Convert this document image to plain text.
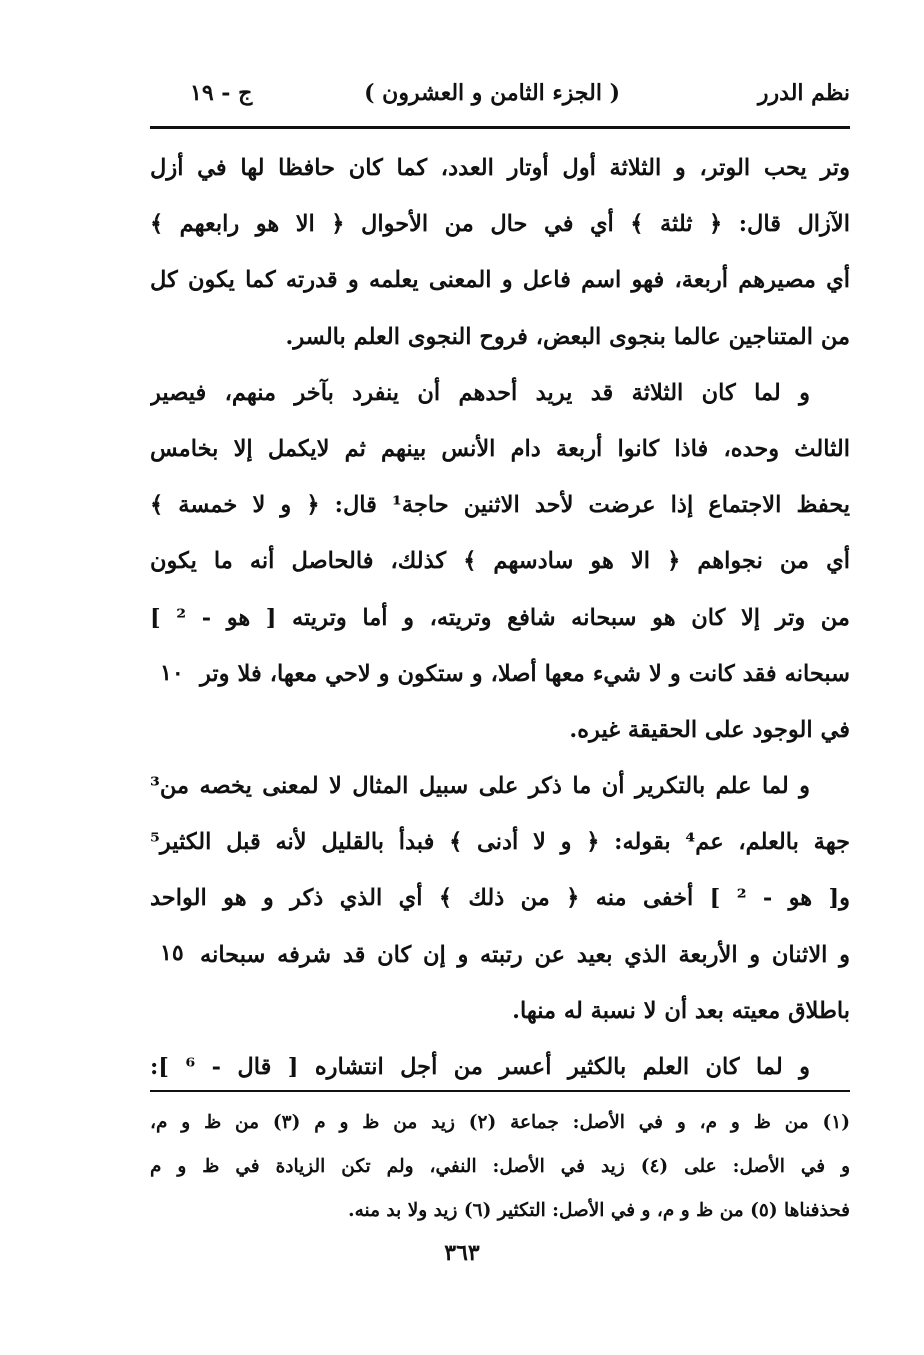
نظم الدرر
( الجزء الثامن و العشرون )
ج - ١٩
وتر يحب الوتر، و الثلاثة أول أوتار العدد، كما كان حافظا لها في أزل
الآزال قال: ﴿ ثلثة ﴾ أي في حال من الأحوال ﴿ الا هو رابعهم ﴾
أي مصيرهم أربعة، فهو اسم فاعل و المعنى يعلمه و قدرته كما يكون كل
من المتناجين عالما بنجوى البعض، فروح النجوى العلم بالسر.
و لما كان الثلاثة قد يريد أحدهم أن ينفرد بآخر منهم، فيصير
الثالث وحده، فاذا كانوا أربعة دام الأنس بينهم ثم لايكمل إلا بخامس
يحفظ الاجتماع إذا عرضت لأحد الاثنين حاجة¹ قال: ﴿ و لا خمسة ﴾
أي من نجواهم ﴿ الا هو سادسهم ﴾ كذلك، فالحاصل أنه ما يكون
من وتر إلا كان هو سبحانه شافع وتريته، و أما وتريته [ هو - ² ]
سبحانه فقد كانت و لا شيء معها أصلا، و ستكون و لاحي معها، فلا وتر
في الوجود على الحقيقة غيره.
و لما علم بالتكرير أن ما ذكر على سبيل المثال لا لمعنى يخصه من³
جهة بالعلم، عم⁴ بقوله: ﴿ و لا أدنى ﴾ فبدأ بالقليل لأنه قبل الكثير⁵
و[ هو - ² ] أخفى منه ﴿ من ذلك ﴾ أي الذي ذكر و هو الواحد
و الاثنان و الأربعة الذي بعيد عن رتبته و إن كان قد شرفه سبحانه
باطلاق معيته بعد أن لا نسبة له منها.
و لما كان العلم بالكثير أعسر من أجل انتشاره [ قال - ⁶ ]:
١٠
١٥
(١) من ظ و م، و في الأصل: جماعة (٢) زيد من ظ و م (٣) من ظ و م،
و في الأصل: على (٤) زيد في الأصل: النفي، ولم تكن الزيادة في ظ و م
فحذفناها (٥) من ظ و م، و في الأصل: التكثير (٦) زيد ولا بد منه.
٣٦٣
